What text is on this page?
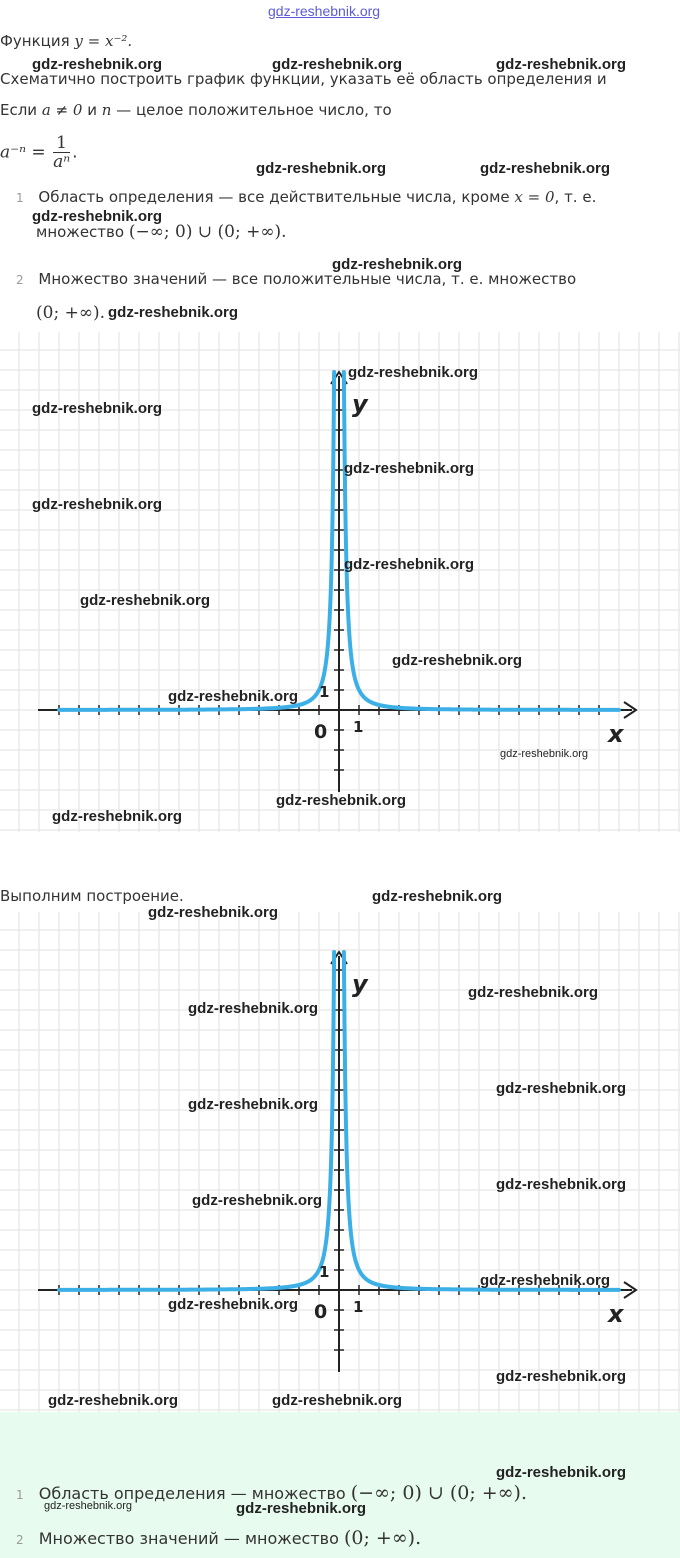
gdz-reshebnik.org
Функция y = x⁻².
Схематично построить график функции, указать её область определения и
Если a ≠ 0 и n — целое положительное число, то
$a^{-n} = \frac{1}{\text{aⁿ}}$ .
1 Область определения — все действительные числа, кроме x = 0, т. е.
множество (−∞; 0) ∪ (0; +∞).
2 Множество значений — все положительные числа, т. е. множество
(0; +∞).
y
x
0 1
1
Выполним построение.
y
x
0 1
1
1 Область определения — множество (−∞; 0) ∪ (0; +∞).
2 Множество значений — множество (0; +∞).
gdz-reshebnik.org	gdz-reshebnik.org	gdz-reshebnik.org
gdz-reshebnik.org	gdz-reshebnik.org
gdz-reshebnik.org
gdz-reshebnik.org
gdz-reshebnik.org
gdz-reshebnik.org
gdz-reshebnik.org
gdz-reshebnik.org
gdz-reshebnik.org
gdz-reshebnik.org
gdz-reshebnik.org
gdz-reshebnik.org
gdz-reshebnik.org
gdz-reshebnik.org
gdz-reshebnik.org
gdz-reshebnik.org
gdz-reshebnik.org
gdz-reshebnik.org
gdz-reshebnik.org
gdz-reshebnik.org
gdz-reshebnik.org
gdz-reshebnik.org
gdz-reshebnik.org
gdz-reshebnik.org
gdz-reshebnik.org
gdz-reshebnik.org
gdz-reshebnik.org
gdz-reshebnik.org	gdz-reshebnik.org
gdz-reshebnik.org
gdz-reshebnik.org	gdz-reshebnik.org
